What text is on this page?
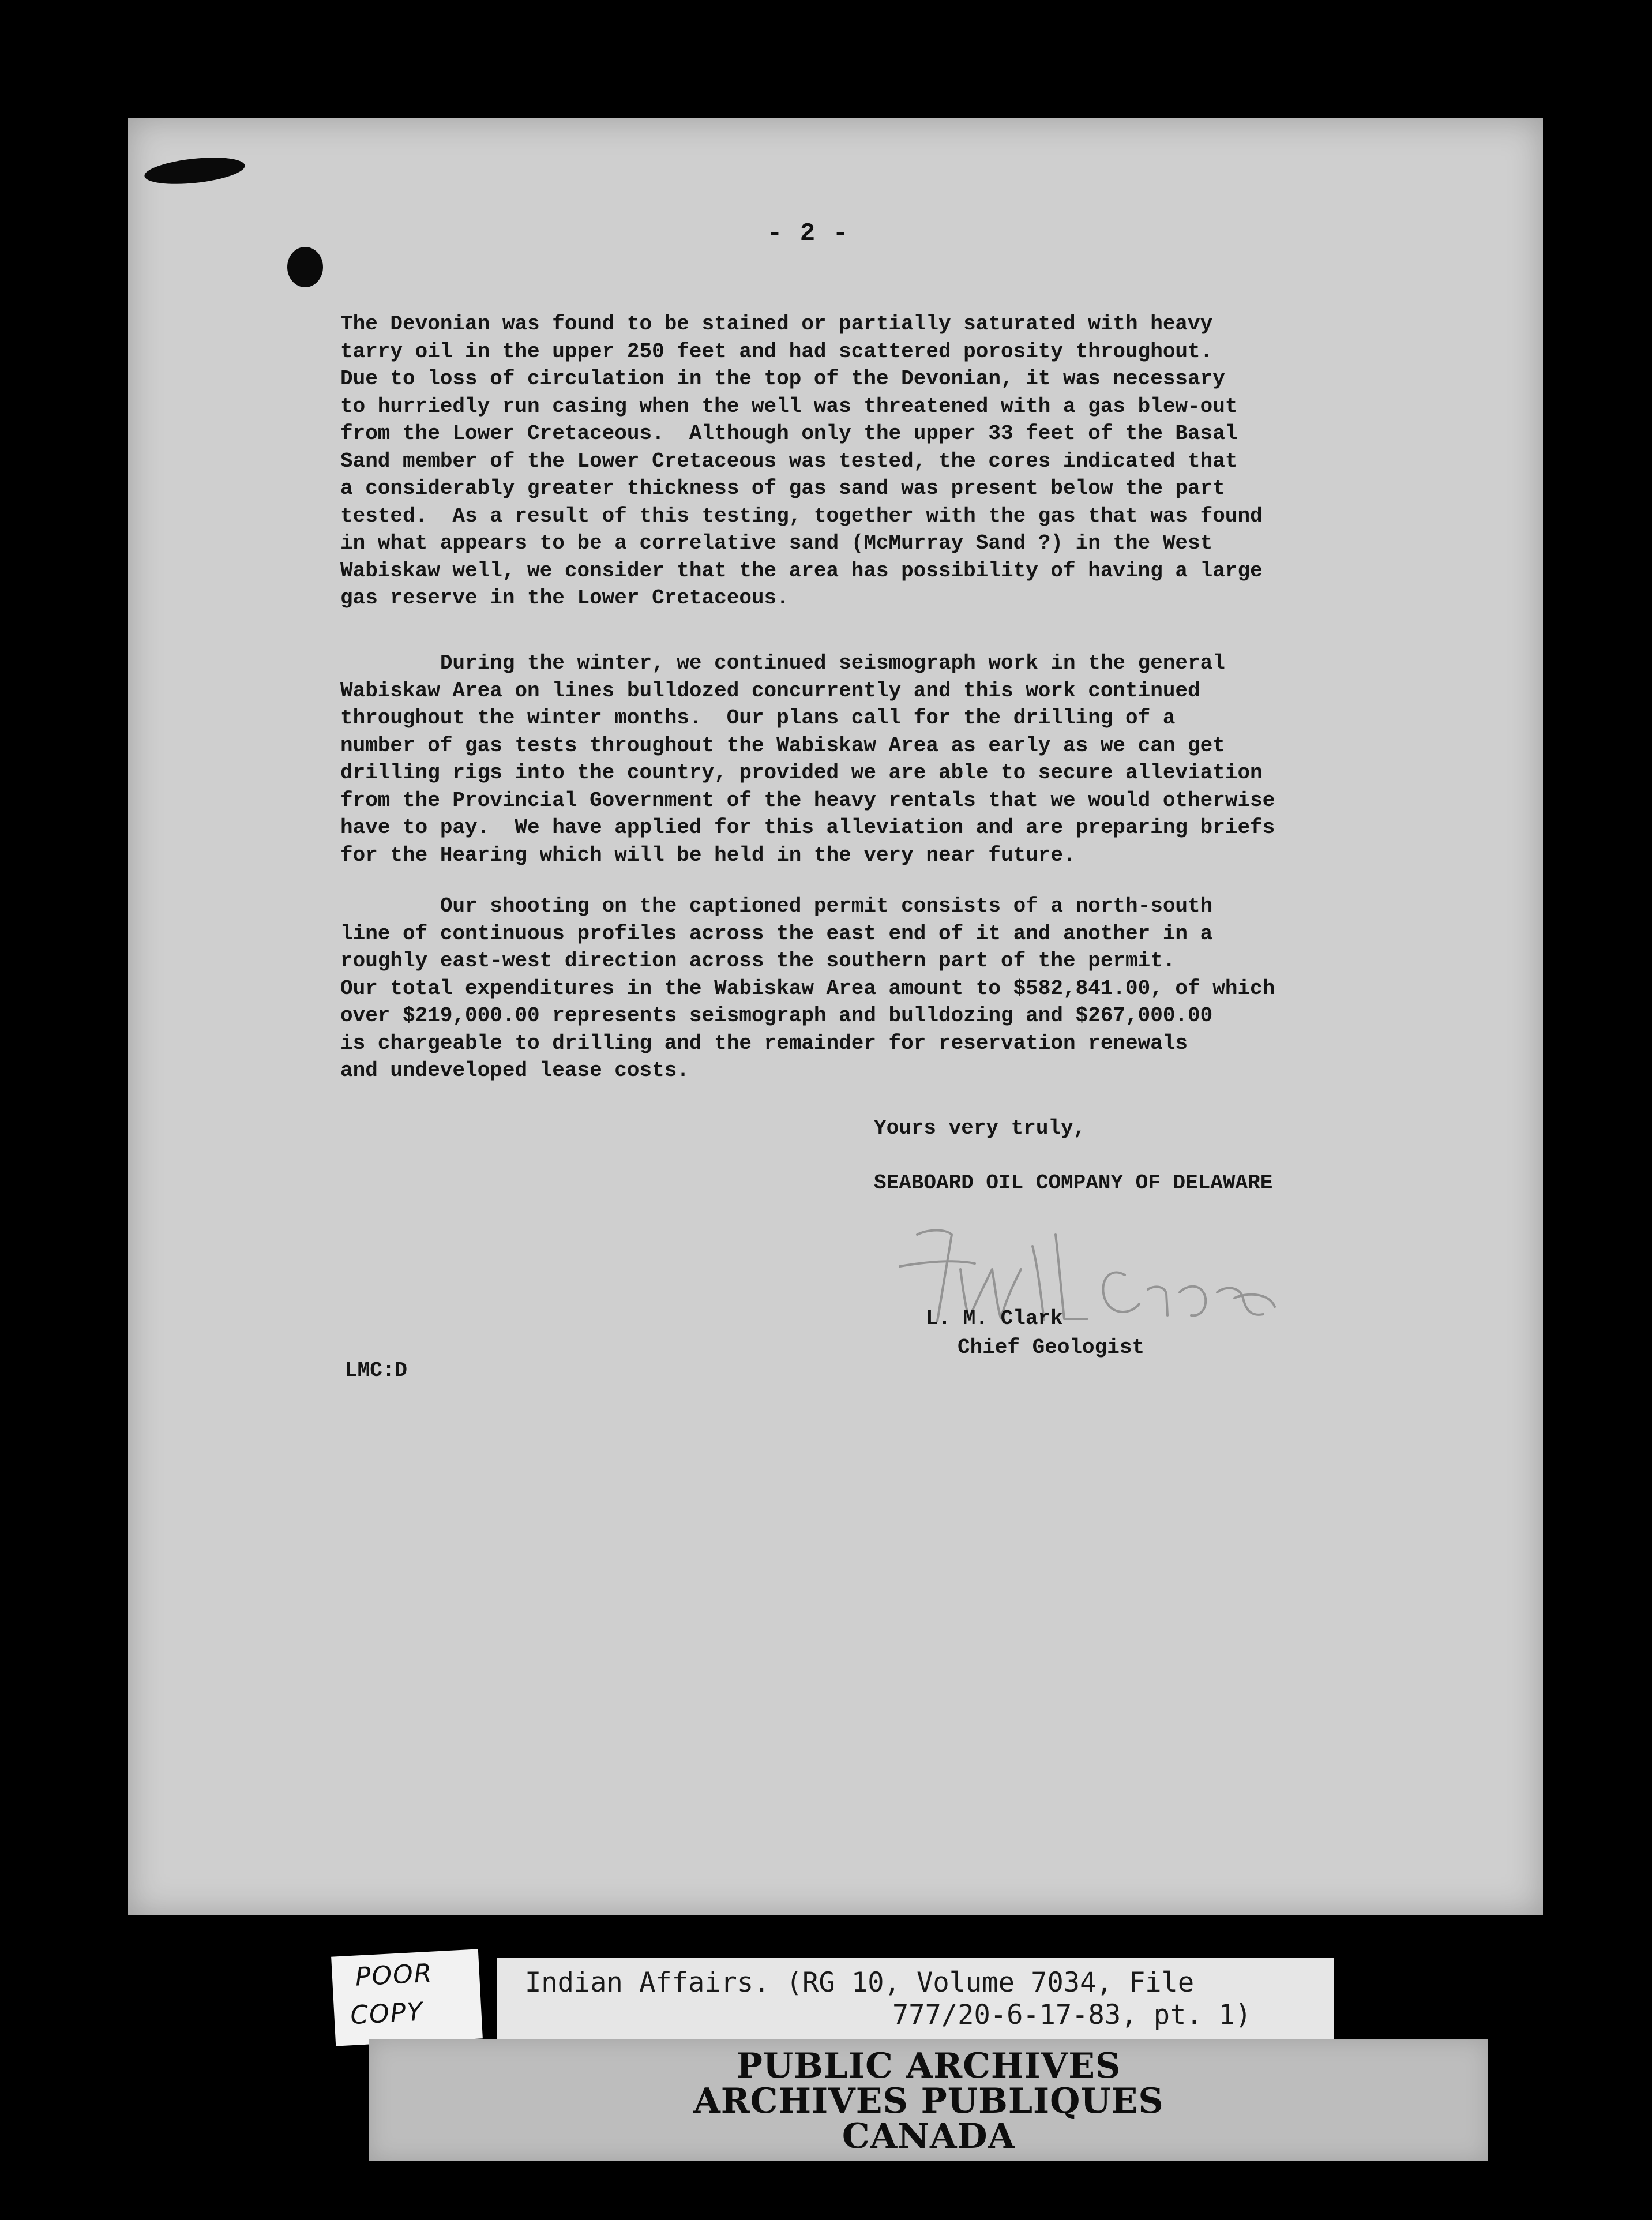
- 2 -
The Devonian was found to be stained or partially saturated with heavy
tarry oil in the upper 250 feet and had scattered porosity throughout.
Due to loss of circulation in the top of the Devonian, it was necessary
to hurriedly run casing when the well was threatened with a gas blew-out
from the Lower Cretaceous.  Although only the upper 33 feet of the Basal
Sand member of the Lower Cretaceous was tested, the cores indicated that
a considerably greater thickness of gas sand was present below the part
tested.  As a result of this testing, together with the gas that was found
in what appears to be a correlative sand (McMurray Sand ?) in the West
Wabiskaw well, we consider that the area has possibility of having a large
gas reserve in the Lower Cretaceous.
During the winter, we continued seismograph work in the general
Wabiskaw Area on lines bulldozed concurrently and this work continued
throughout the winter months.  Our plans call for the drilling of a
number of gas tests throughout the Wabiskaw Area as early as we can get
drilling rigs into the country, provided we are able to secure alleviation
from the Provincial Government of the heavy rentals that we would otherwise
have to pay.  We have applied for this alleviation and are preparing briefs
for the Hearing which will be held in the very near future.
Our shooting on the captioned permit consists of a north-south
line of continuous profiles across the east end of it and another in a
roughly east-west direction across the southern part of the permit.
Our total expenditures in the Wabiskaw Area amount to $582,841.00, of which
over $219,000.00 represents seismograph and bulldozing and $267,000.00
is chargeable to drilling and the remainder for reservation renewals
and undeveloped lease costs.
Yours very truly,
SEABOARD OIL COMPANY OF DELAWARE
L. M. Clark
Chief Geologist
LMC:D
POOR
COPY
Indian Affairs. (RG 10, Volume 7034, File
777/20-6-17-83, pt. 1)
PUBLIC ARCHIVES
ARCHIVES PUBLIQUES
CANADA
